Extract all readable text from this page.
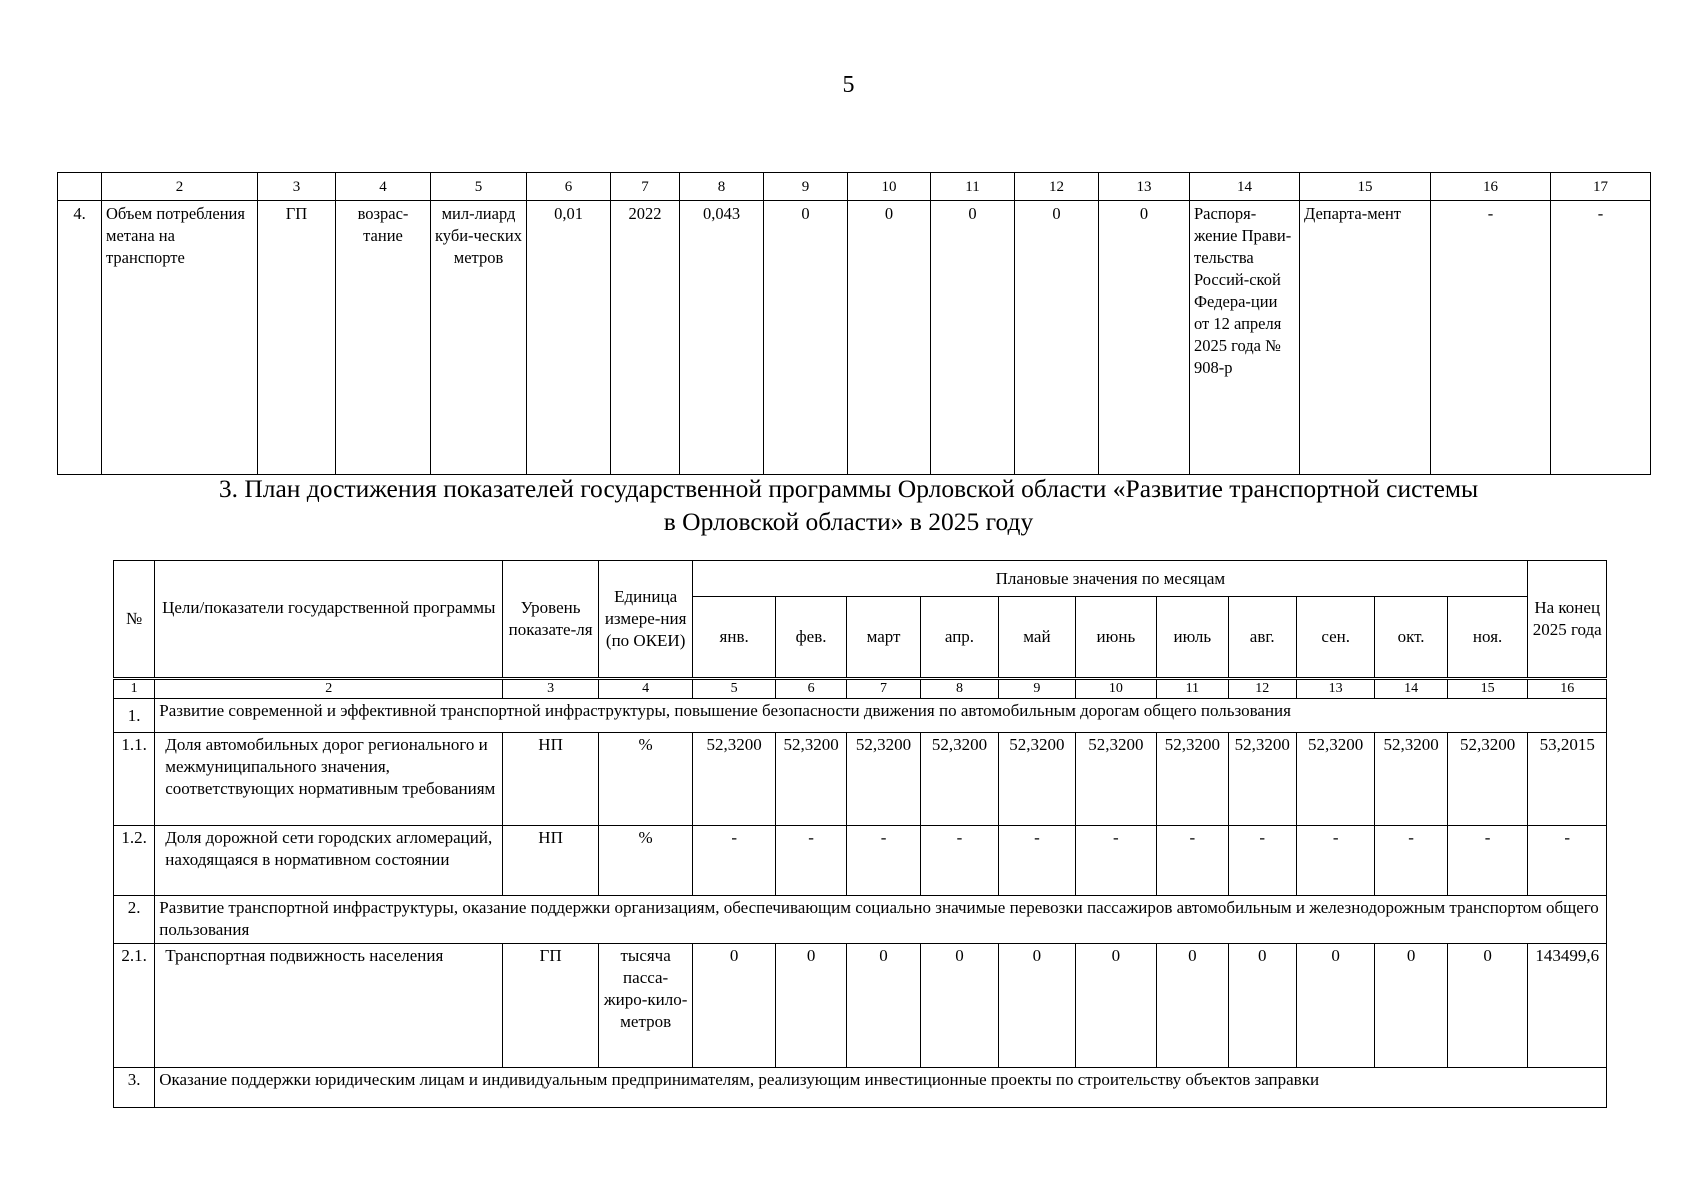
5
	2	3	4	5	6	7	8	9	10	11	12	13	14	15	16	17
4.	Объем потребления метана на транспорте	ГП	возрас-тание	мил-лиард куби-ческих метров	0,01	2022	0,043	0	0	0	0	0	Распоря-жение Прави-тельства Россий-ской Федера-ции от 12 апреля 2025 года № 908-р	Департа-мент	-	-
3. План достижения показателей государственной программы Орловской области «Развитие транспортной системы
в Орловской области» в 2025 году
№	Цели/показатели государственной программы	Уровень показате-ля	Единица измере-ния (по ОКЕИ)	Плановые значения по месяцам											На конец 2025 года
				янв.	фев.	март	апр.	май	июнь	июль	авг.	сен.	окт.	ноя.	
1	2	3	4	5	6	7	8	9	10	11	12	13	14	15	16
1.	Развитие современной и эффективной транспортной инфраструктуры, повышение безопасности движения по автомобильным дорогам общего пользования														
1.1.	Доля автомобильных дорог регионального и межмуниципального значения, соответствующих нормативным требованиям	НП	%	52,3200	52,3200	52,3200	52,3200	52,3200	52,3200	52,3200	52,3200	52,3200	52,3200	52,3200	53,2015
1.2.	Доля дорожной сети городских агломераций, находящаяся в нормативном состоянии	НП	%	-	-	-	-	-	-	-	-	-	-	-	-
2.	Развитие транспортной инфраструктуры, оказание поддержки организациям, обеспечивающим социально значимые перевозки пассажиров автомобильным и железнодорожным транспортом общего пользования														
2.1.	Транспортная подвижность населения	ГП	тысяча пасса-жиро-кило-метров	0	0	0	0	0	0	0	0	0	0	0	143499,6
3.	Оказание поддержки юридическим лицам и индивидуальным предпринимателям, реализующим инвестиционные проекты по строительству объектов заправки														
